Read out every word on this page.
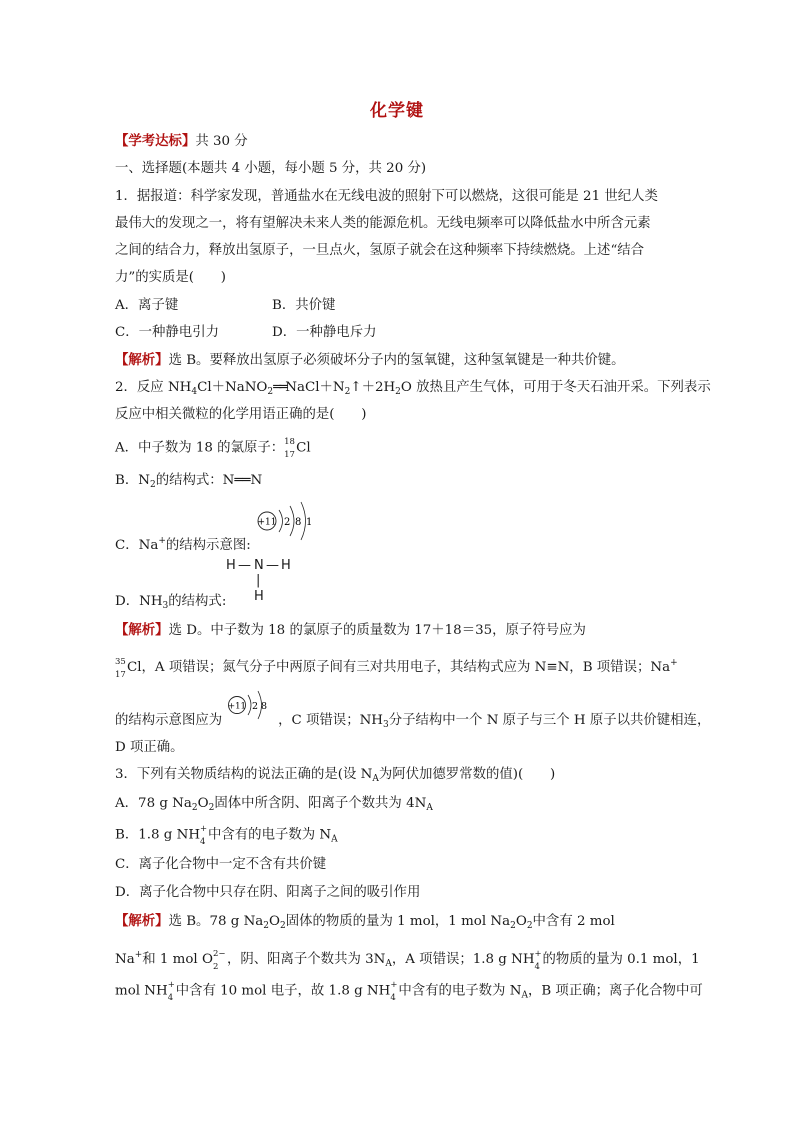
化学键
【学考达标】共 30 分
一、选择题(本题共 4 小题，每小题 5 分，共 20 分)
1．据报道：科学家发现，普通盐水在无线电波的照射下可以燃烧，这很可能是 21 世纪人类
最伟大的发现之一，将有望解决未来人类的能源危机。无线电频率可以降低盐水中所含元素
之间的结合力，释放出氢原子，一旦点火，氢原子就会在这种频率下持续燃烧。上述“结合
力”的实质是(　　)
A．离子键	B．共价键
C．一种静电引力	D．一种静电斥力
【解析】选 B。要释放出氢原子必须破坏分子内的氢氧键，这种氢氧键是一种共价键。
2．反应 $NH_4Cl+NaNO_2══NaCl+N_2↑+2H_2O$ 放热且产生气体，可用于冬天石油开采。下列表示
反应中相关微粒的化学用语正确的是(　　)
A．中子数为 18 的氯原子： 18
17 Cl
B．$N_2$的结构式：N══N
+11 2 8 1
C．Na+的结构示意图:
H — N — H
|
H
D．$NH_3$的结构式:
【解析】选 D。中子数为 18 的氯原子的质量数为 17＋18＝35，原子符号应为
35
17 Cl，A 项错误；氮气分子中两原子间有三对共用电子，其结构式应为 N≡N，B 项错误；Na+
+11 2 8
的结构示意图应为	，C 项错误；$NH_3$分子结构中一个 N 原子与三个 H 原子以共价键相连，
D 项正确。
3．下列有关物质结构的说法正确的是(设 $N_A$为阿伏加德罗常数的值)(　　)
A．78 g $Na_2O_2$固体中所含阴、阳离子个数共为 $4N_A$
B．1.8 g NH +
4 中含有的电子数为 $N_A$
C．离子化合物中一定不含有共价键
D．离子化合物中只存在阴、阳离子之间的吸引作用
【解析】选 B。78 g $Na_2O_2$固体的物质的量为 1 mol，1 mol $Na_2O_2$中含有 2 mol
Na+和 1 mol O 2−
2 ，阴、阳离子个数共为 $3N_A$，A 项错误；1.8 g NH +
4 的物质的量为 0.1 mol，1
mol NH +
4 中含有 10 mol 电子，故 1.8 g NH +
4 中含有的电子数为 $N_A$，B 项正确；离子化合物中可
